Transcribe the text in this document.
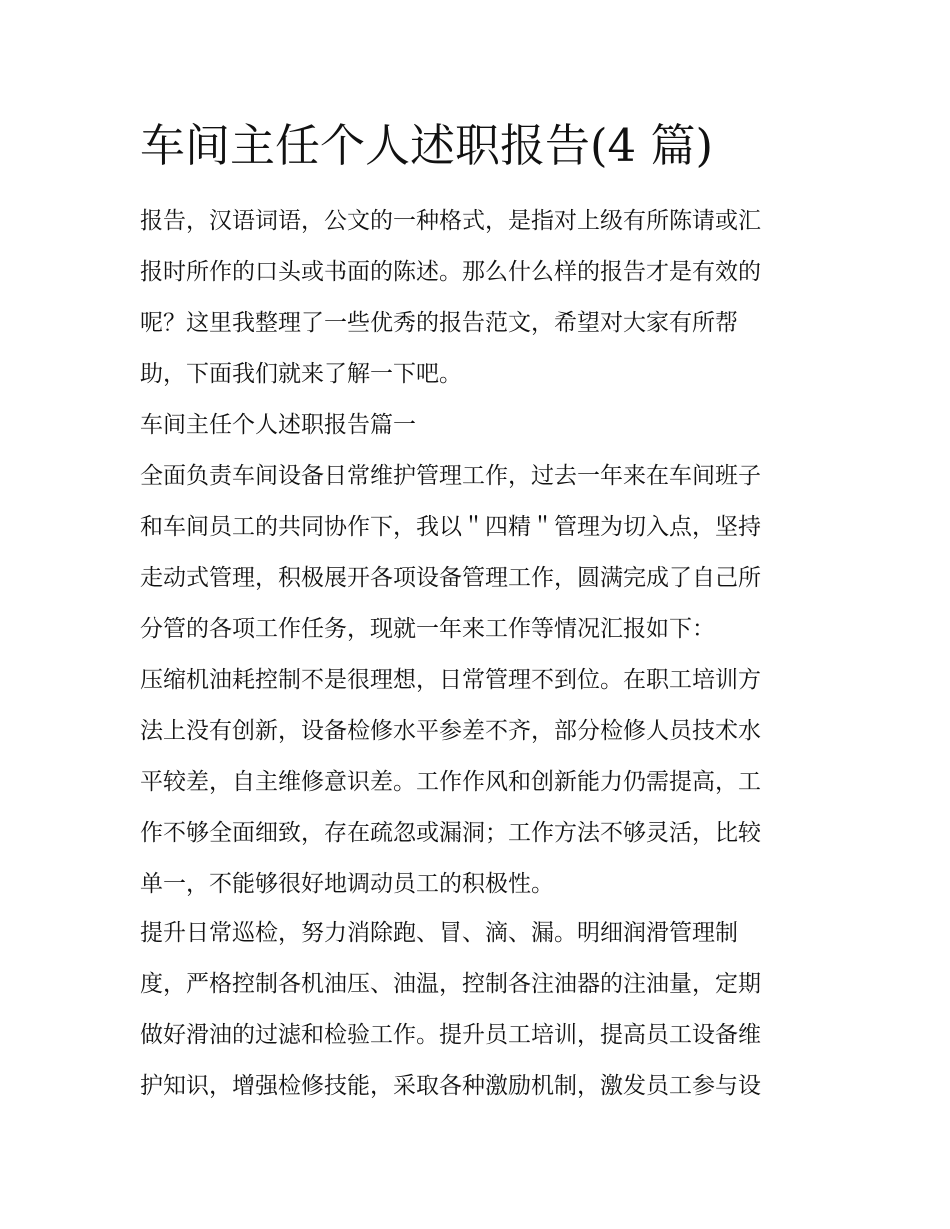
车间主任个人述职报告(4 篇)
报告，汉语词语，公文的一种格式，是指对上级有所陈请或汇
报时所作的口头或书面的陈述。那么什么样的报告才是有效的
呢？这里我整理了一些优秀的报告范文，希望对大家有所帮
助，下面我们就来了解一下吧。
车间主任个人述职报告篇一
全面负责车间设备日常维护管理工作，过去一年来在车间班子
和车间员工的共同协作下，我以＂四精＂管理为切入点，坚持
走动式管理，积极展开各项设备管理工作，圆满完成了自己所
分管的各项工作任务，现就一年来工作等情况汇报如下：
压缩机油耗控制不是很理想，日常管理不到位。在职工培训方
法上没有创新，设备检修水平参差不齐，部分检修人员技术水
平较差，自主维修意识差。工作作风和创新能力仍需提高，工
作不够全面细致，存在疏忽或漏洞；工作方法不够灵活，比较
单一，不能够很好地调动员工的积极性。
提升日常巡检，努力消除跑、冒、滴、漏。明细润滑管理制
度，严格控制各机油压、油温，控制各注油器的注油量，定期
做好滑油的过滤和检验工作。提升员工培训，提高员工设备维
护知识，增强检修技能，采取各种激励机制，激发员工参与设
